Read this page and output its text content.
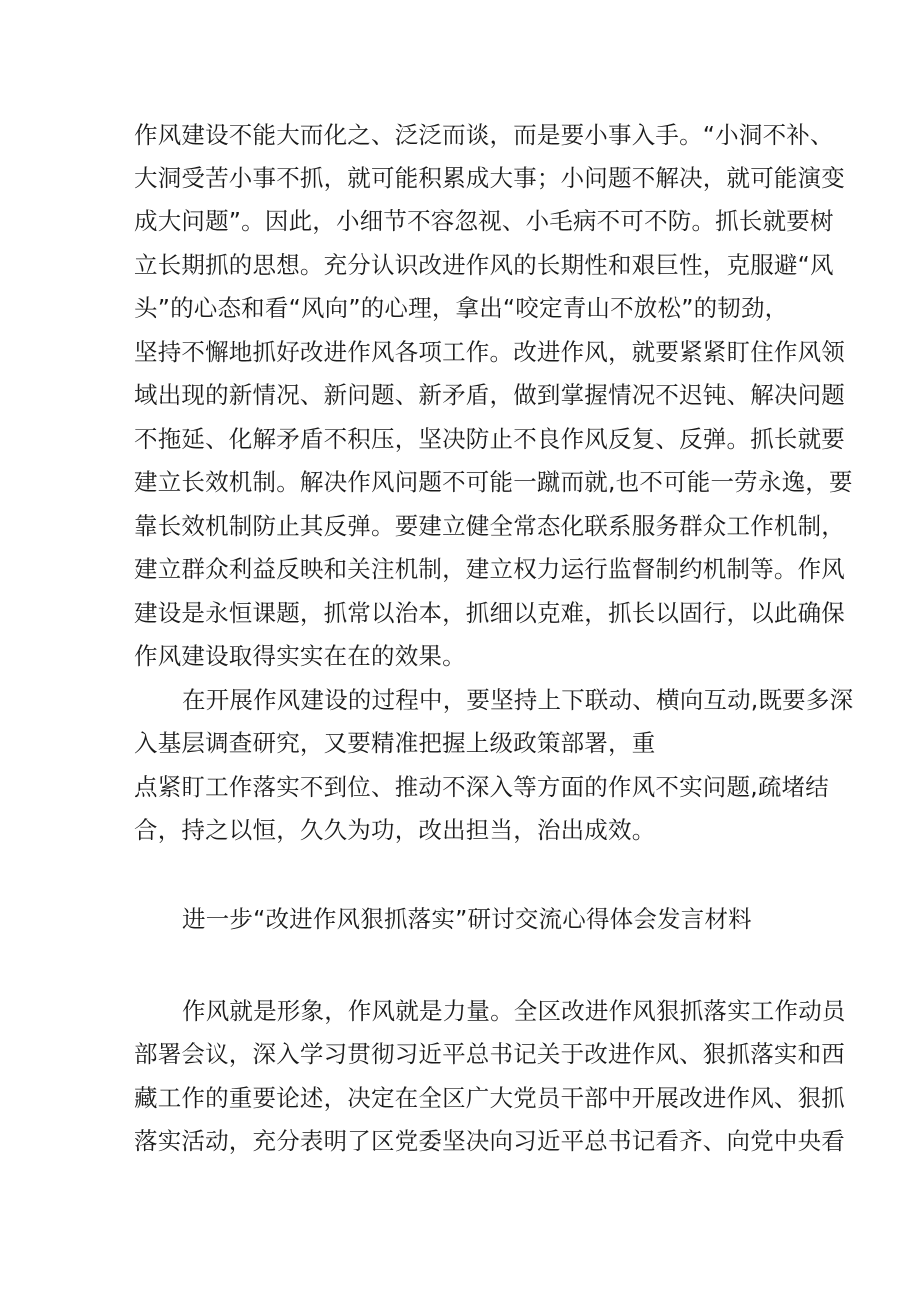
作风建设不能大而化之、泛泛而谈，而是要小事入手。“小洞不补、
大洞受苦小事不抓，就可能积累成大事；小问题不解决，就可能演变
成大问题”。因此，小细节不容忽视、小毛病不可不防。抓长就要树
立长期抓的思想。充分认识改进作风的长期性和艰巨性，克服避“风
头”的心态和看“风向”的心理，拿出“咬定青山不放松”的韧劲，
坚持不懈地抓好改进作风各项工作。改进作风，就要紧紧盯住作风领
域出现的新情况、新问题、新矛盾，做到掌握情况不迟钝、解决问题
不拖延、化解矛盾不积压，坚决防止不良作风反复、反弹。抓长就要
建立长效机制。解决作风问题不可能一蹴而就,也不可能一劳永逸，要
靠长效机制防止其反弹。要建立健全常态化联系服务群众工作机制，
建立群众利益反映和关注机制，建立权力运行监督制约机制等。作风
建设是永恒课题，抓常以治本，抓细以克难，抓长以固行，以此确保
作风建设取得实实在在的效果。
在开展作风建设的过程中，要坚持上下联动、横向互动,既要多深
入基层调查研究，又要精准把握上级政策部署，重
点紧盯工作落实不到位、推动不深入等方面的作风不实问题,疏堵结
合，持之以恒，久久为功，改出担当，治出成效。
进一步“改进作风狠抓落实”研讨交流心得体会发言材料
作风就是形象，作风就是力量。全区改进作风狠抓落实工作动员
部署会议，深入学习贯彻习近平总书记关于改进作风、狠抓落实和西
藏工作的重要论述，决定在全区广大党员干部中开展改进作风、狠抓
落实活动，充分表明了区党委坚决向习近平总书记看齐、向党中央看
